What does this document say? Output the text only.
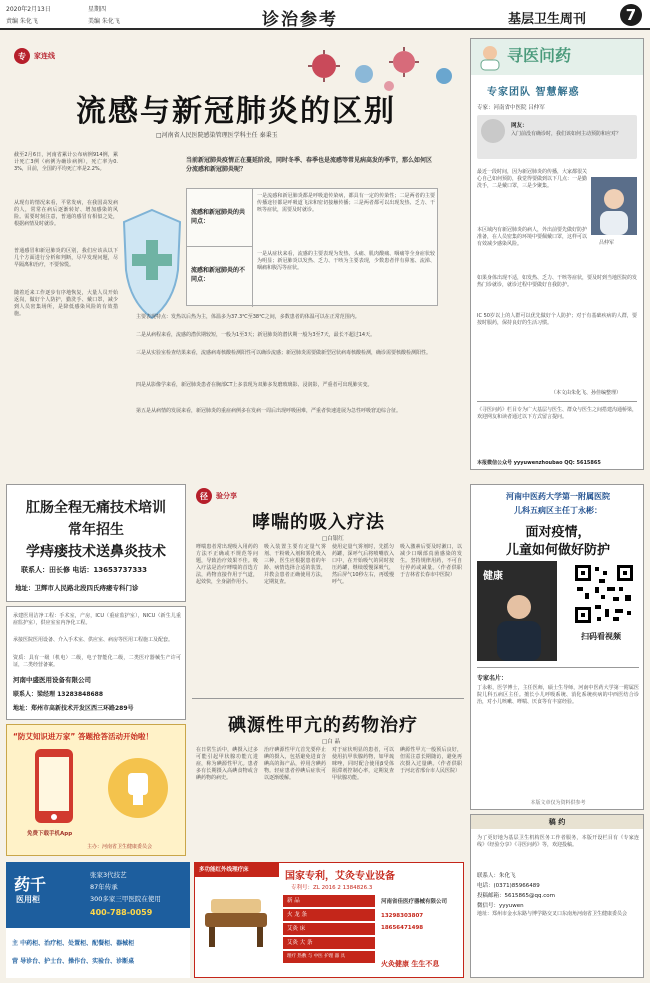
2020年2月13日	星期四
责编 朱化飞	美编 朱化飞	诊治参考	基层卫生周刊	7
专	家连线
流感与新冠肺炎的区别
□河南省人民医院感染管理医学科主任 秦秉玉
截至2月6日，河南省累计公布病例914例，累计死亡3例（病例为确诊病例），死亡率为0.3%，目前，全国的平均死亡率是2.2%。
从现有的情况来看，平常发病，在我国高发病的人，常常在病后逐渐转好、增加感染的风险。需要时刻注意，普通的感冒有相似之处，根据病情及时就诊。
普通感冒和新冠肺炎的区别，我们应该从以下几个方面进行分析和判断，尽早发现问题，尽早隔离和治疗，不要惊慌。
随着近来工作逐步有序地恢复，大量人员开始返岗，做好个人防护，勤洗手、戴口罩，减少到人员密集场所，是降低感染风险的有效措施。
当前新冠肺炎疫情正在蔓延阶段，同时冬季、春季也是流感等常见病高发的季节，那么如何区分流感和新冠肺炎呢？
流感和新冠肺炎的共同点：
一是流感和新冠肺炎都是呼吸道传染病，都具有一定的传染性；二是两者的主要传播途径都是呼吸道飞沫和密切接触传播；三是两者都可以出现发热、乏力、干咳等症状，需要及时就诊。
流感和新冠肺炎的不同点：
一是从症状来看，流感的主要表现为发热、头痛、肌肉酸痛、咽痛等全身症状较为明显；新冠肺炎以发热、乏力、干咳为主要表现，少数患者伴有鼻塞、流涕、咽痛和腹泻等症状。
主要表现特点：发热以后热为主，体温多为37.3℃至38℃之间，多数患者的体温可以在正常范围内。
二是从病程来看，流感的潜伏期较短，一般为1至3天；新冠肺炎的潜伏期一般为3至7天，最长不超过14天。
三是从实验室检查结果来看，流感病毒核酸检测阳性可以确诊流感；新冠肺炎需要做新型冠状病毒核酸检测，确诊需要核酸检测阳性。
四是从影像学来看，新冠肺炎患者在胸部CT上多表现为双肺多发磨玻璃影、浸润影，严重者可出现肺实变。
第五是从病情的发展来看，新冠肺炎的重症病例多在发病一周后出现呼吸困难，严重者快速进展为急性呼吸窘迫综合征。
寻医问药
专家团队 智慧解惑
专家：河南省中医院 吕仲军
网友：
入门前没有确诊时，我们该如何主动预防和应对？
最近一段时间，因为新冠肺炎的传播，大家都很关心自己如何预防，我觉得要做到以下几点：一是勤洗手，二是戴口罩，三是少聚集。
吕仲军
本区域内有新冠肺炎的病人，外出前要先做好防护准备，在人员密集的环境中要佩戴口罩，这样可以有效减少感染风险。
如果身体出现不适，如发热、乏力、干咳等症状，要及时到当地医院的发热门诊就诊，就诊过程中要做好自我防护。
IC 50岁以上的人群可以优先做好个人防护；对于有基础疾病的人群，要按时服药，保持良好的生活习惯。
（本文由朱化飞、孙佳编整理）
《寻医问药》栏目专为广大基层与医生、群众与医生之间搭建沟通桥梁，欢迎网友和读者通过以下方式留言提问。
本报微信公众号 yyyuwenzhoubao QQ: 5615865
肛肠全程无痛技术培训
常年招生
学痔瘘技术送鼻炎技术
联系人：田长修 电话：13653737333
地址：卫辉市人民路北段四氏痔瘘专科门诊
承建医用洁净工程：手术室，产房，ICU（重症监护室），NICU（新生儿重症监护室），供应室室内净化工程。
承接医院医用设备、介入手术室、供应室、病房等医用工程施工及配套。
资质：具有一级（机电）二级，电子智能化二级，二类医疗器械生产许可证，二类经营备案。
河南中盛医用设备有限公司
联系人：梁经理 13283848688
地址：郑州市高新技术开发区西三环路289号
“防艾知识进万家” 答题抢答活动开始啦！
免费下载手机App
主办：河南省卫生健康委员会
径	验分享
哮喘的吸入疗法
□白银红
哮喘患者常出现吸入用药的方法不正确或不规范等问题，导致治疗效果不佳。吸入疗法是治疗哮喘的首选方法，药物直接作用于气道，起效快，全身副作用小。
吸入装置主要有定量气雾剂、干粉吸入剂和雾化吸入三种，医生应根据患者的年龄、病情选择合适的装置，并教会患者正确使用方法，定期复查。
使用定量气雾剂时，先摇匀药罐，深呼气后将喷嘴放入口中，在开始吸气的同时按压药罐，继续缓慢深吸气，然后屏气10秒左右，再缓慢呼气。
吸入激素后要及时漱口，以减少口咽部真菌感染的发生。坚持规律用药，不可自行停药或减量。（作者供职于吉林省长春市中医院）
碘源性甲亢的药物治疗
□白 晶
在日常生活中，碘摄入过多可能引起甲状腺功能亢进症，称为碘源性甲亢。患者多有长期摄入高碘食物或含碘药物的病史。
治疗碘源性甲亢首先要停止碘的摄入，包括避免进食含碘高的海产品，停用含碘药物。轻症患者停碘后症状可以逐渐缓解。
对于症状明显的患者，可以使用抗甲状腺药物，如甲巯咪唑，同时配合使用β受体阻滞剂控制心率，定期复查甲状腺功能。
碘源性甲亢一般预后良好，但需注意长期随访，避免再次摄入过量碘。（作者供职于河北省邢台市人民医院）
河南中医药大学第一附属医院
儿科五病区主任丁永彬：
面对疫情，
儿童如何做好防护
健康
扫码看视频
专家名片：
丁永彬，医学博士，主任医师，硕士生导师，河南中医药大学第一附属医院儿科五病区主任。擅长小儿呼吸系统、消化系统疾病的中西医结合诊治，对小儿咳嗽、哮喘、厌食等有丰富经验。
本版文章仅为资料供参考
稿 约
为了更好地为基层卫生机构医务工作者服务，本版开设栏目有《专家连线》《经验分享》《寻医问药》等，欢迎投稿。
联系人：朱化飞
电话：(0371)85966489
投稿邮箱：5615865@qq.com
微信号：yyyuwen
地址：郑州市金水东路与博学路交叉口东南角河南省卫生健康委员会
药千
医用柜
张家3代技艺
87年传承
300多家三甲医院在使用
400-788-0059
主 中药柜、治疗柜、处置柜、配餐柜、器械柜
营 导诊台、护士台、操作台、实验台、诊断桌
多功能红外线理疗床
国家专利，艾灸专业设备
专利号：ZL 2016 2 1384826.3
新 品
火 龙 条
艾灸 床
艾灸 大 条
理疗 热敷 与 中医 护理 器 具
河南省佳医疗器械有限公司
13298303807
18656471498
火灸健康 生生不息
